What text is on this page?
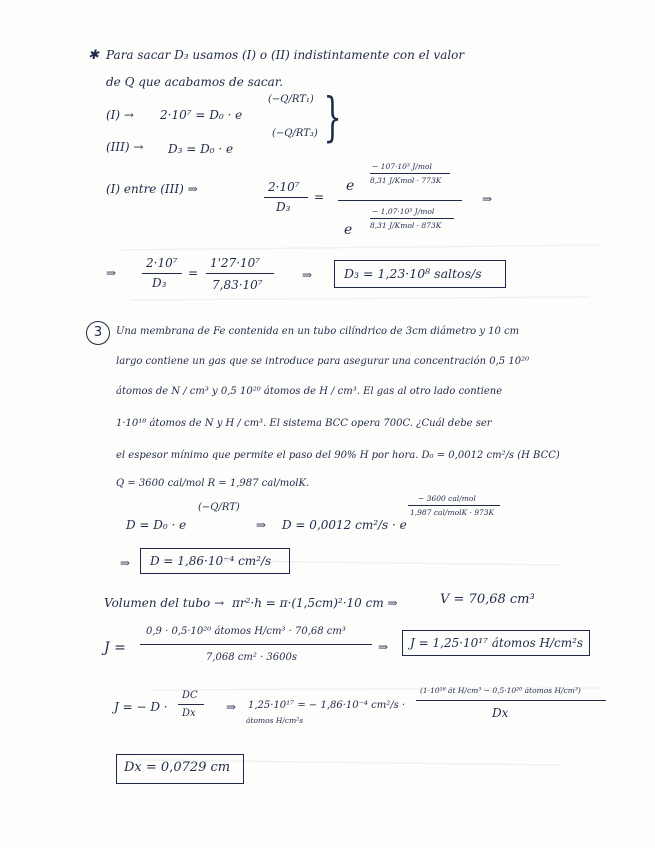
✱ Para sacar D₃ usamos (I) o (II) indistintamente con el valor
de Q que acabamos de sacar.
(I) → 2·10⁷ = D₀ · e
(−Q/RT₁)
(III) → D₃ = D₀ · e
(−Q/RT₃) }
(I) entre (III) ⇒	2·10⁷
D₃
=
e
− 107·10³ J/mol
8,31 J/Kmol · 773K
e
− 1,07·10⁵ J/mol
8,31 J/Kmol · 873K
⇒
⇒
2·10⁷
D₃
=
1'27·10⁷
7,83·10⁷
⇒	D₃ = 1,23·10⁸ saltos/s
3	Una membrana de Fe contenida en un tubo cilíndrico de 3cm diámetro y 10 cm
largo contiene un gas que se introduce para asegurar una concentración 0,5 10²⁰
átomos de N / cm³ y 0,5 10²⁰ átomos de H / cm³. El gas al otro lado contiene
1·10¹⁸ átomos de N y H / cm³. El sistema BCC opera 700C. ¿Cuál debe ser
el espesor mínimo que permite el paso del 90% H por hora. D₀ = 0,0012 cm²/s (H BCC)
Q = 3600 cal/mol R = 1,987 cal/molK.
D = D₀ · e
(−Q/RT)
⇒ D = 0,0012 cm²/s · e
− 3600 cal/mol
1,987 cal/molK · 973K
⇒ D = 1,86·10⁻⁴ cm²/s
Volumen del tubo → πr²·h = π·(1,5cm)²·10 cm ⇒	V = 70,68 cm³
J =
0,9 · 0,5·10²⁰ átomos H/cm³ · 70,68 cm³
7,068 cm² · 3600s
⇒ J = 1,25·10¹⁷ átomos H/cm²s
J = − D ·
DC
Dx	⇒ 1,25·10¹⁷ = − 1,86·10⁻⁴ cm²/s ·
átomos H/cm²s
(1·10¹⁸ át H/cm³ − 0,5·10²⁰ átomos H/cm³)
Dx
Dx = 0,0729 cm
